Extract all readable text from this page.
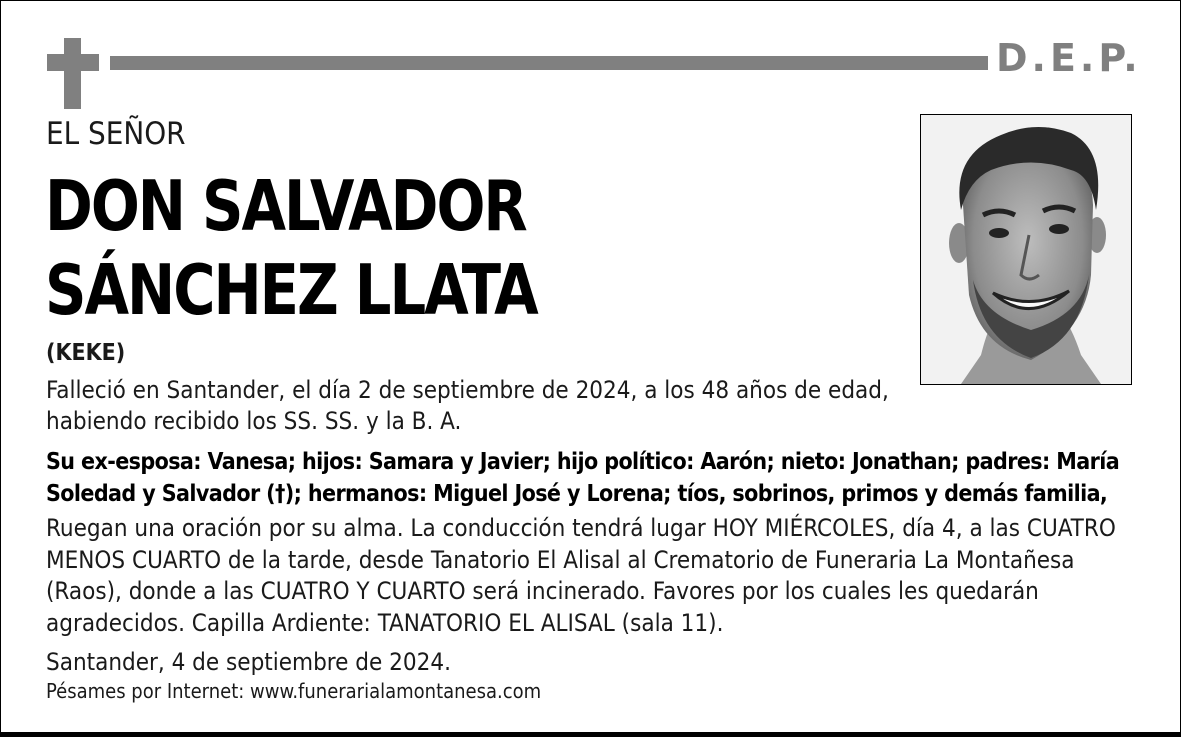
D.E.P.
EL SEÑOR
DON SALVADOR
SÁNCHEZ LLATA
(KEKE)
Falleció en Santander, el día 2 de septiembre de 2024, a los 48 años de edad,
habiendo recibido los SS. SS. y la B. A.
Su ex-esposa: Vanesa; hijos: Samara y Javier; hijo político: Aarón; nieto: Jonathan; padres: María
Soledad y Salvador (†); hermanos: Miguel José y Lorena; tíos, sobrinos, primos y demás familia,
Ruegan una oración por su alma. La conducción tendrá lugar HOY MIÉRCOLES, día 4, a las CUATRO
MENOS CUARTO de la tarde, desde Tanatorio El Alisal al Crematorio de Funeraria La Montañesa
(Raos), donde a las CUATRO Y CUARTO será incinerado. Favores por los cuales les quedarán
agradecidos. Capilla Ardiente: TANATORIO EL ALISAL (sala 11).
Santander, 4 de septiembre de 2024.
Pésames por Internet: www.funerarialamontanesa.com
